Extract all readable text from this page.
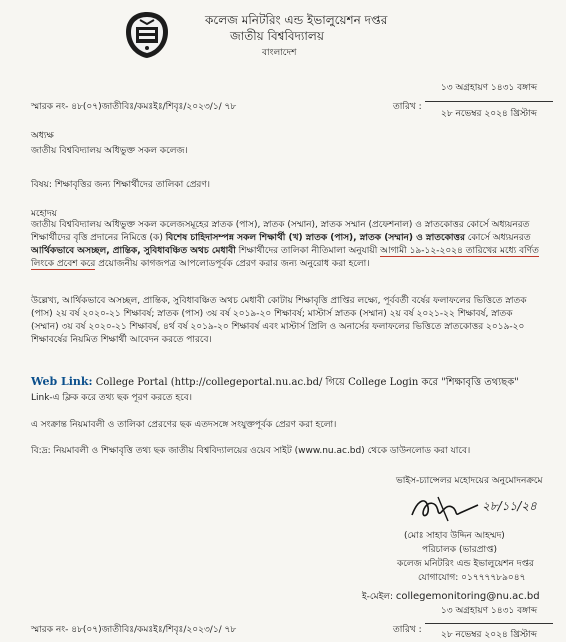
কলেজ মনিটরিং এন্ড ইভালুয়েশন দপ্তর
জাতীয় বিশ্ববিদ্যালয়
বাংলাদেশ
স্মারক নং- ৪৮(০৭)জাতীবিঃ/কমঃইঃ/শিবৃঃ/২০২৩/১/ ৭৮	তারিখ :
১৩ অগ্রহায়ণ ১৪৩১ বঙ্গাব্দ
২৮ নভেম্বর ২০২৪ খ্রিস্টাব্দ
অধ্যক্ষ
জাতীয় বিশ্ববিদ্যালয় অধিভুক্ত সকল কলেজ।
বিষয়: শিক্ষাবৃত্তির জন্য শিক্ষার্থীদের তালিকা প্রেরণ।
মহোদয়
জাতীয় বিশ্ববিদ্যালয় অধিভুক্ত সকল কলেজসমূহের স্নাতক (পাস), স্নাতক (সম্মান), স্নাতক সম্মান (প্রফেশনাল) ও স্নাতকোত্তর কোর্সে অধ্যয়নরত শিক্ষার্থীদের বৃত্তি প্রদানের নিমিত্তে (ক) বিশেষ চাহিদাসম্পন্ন সকল শিক্ষার্থী (খ) স্নাতক (পাস), স্নাতক (সম্মান) ও স্নাতকোত্তর কোর্সে অধ্যয়নরত আর্থিকভাবে অসচ্ছল, প্রান্তিক, সুবিধাবঞ্চিত অথচ মেধাবী শিক্ষার্থীদের তালিকা নীতিমালা অনুযায়ী আগামী ১৯-১২-২০২৪ তারিখের মধ্যে বর্ণিত লিংকে প্রবেশ করে প্রয়োজনীয় কাগজপত্র আপলোডপূর্বক প্রেরণ করার জন্য অনুরোধ করা হলো।
উল্লেখ্য, আর্থিকভাবে অসচ্ছল, প্রান্তিক, সুবিধাবঞ্চিত অথচ মেধাবী কোটায় শিক্ষাবৃত্তি প্রাপ্তির লক্ষ্যে, পূর্ববর্তী বর্ষের ফলাফলের ভিত্তিতে স্নাতক (পাস) ২য় বর্ষ ২০২০-২১ শিক্ষাবর্ষ; স্নাতক (পাস) ৩য় বর্ষ ২০১৯-২০ শিক্ষাবর্ষ; মাস্টার্স স্নাতক (সম্মান) ২য় বর্ষ ২০২১-২২ শিক্ষাবর্ষ, স্নাতক (সম্মান) ৩য় বর্ষ ২০২০-২১ শিক্ষাবর্ষ, ৪র্থ বর্ষ ২০১৯-২০ শিক্ষাবর্ষ এবং মাস্টার্স প্রিলি ও অনার্সের ফলাফলের ভিত্তিতে স্নাতকোত্তর ২০১৯-২০ শিক্ষাবর্ষের নিয়মিত শিক্ষার্থী আবেদন করতে পারবে।
Web Link: College Portal (http://collegeportal.nu.ac.bd/ গিয়ে College Login করে "শিক্ষাবৃত্তি তথ্যছক"
Link-এ ক্লিক করে তথ্য ছক পূরণ করতে হবে।
এ সংক্রান্ত নিয়মাবলী ও তালিকা প্রেরণের ছক এতদসঙ্গে সংযুক্তপূর্বক প্রেরণ করা হলো।
বি:দ্র: নিয়মাবলী ও শিক্ষাবৃত্তি তথ্য ছক জাতীয় বিশ্ববিদ্যালয়ের ওয়েব সাইট (www.nu.ac.bd) থেকে ডাউনলোড করা যাবে।
ভাইস-চ্যান্সেলর মহোদয়ের অনুমোদনক্রমে
২৮/১১/২৪
(মোঃ সাহাব উদ্দিন আহম্মদ)
পরিচালক (ভারপ্রাপ্ত)
কলেজ মনিটরিং এন্ড ইভালুয়েশন দপ্তর
যোগাযোগ: ০১৭৭৭৭৮৯০৪৭
ই-মেইল: collegemonitoring@nu.ac.bd
স্মারক নং- ৪৮(০৭)জাতীবিঃ/কমঃইঃ/শিবৃঃ/২০২৩/১/ ৭৮	তারিখ :
১৩ অগ্রহায়ণ ১৪৩১ বঙ্গাব্দ
২৮ নভেম্বর ২০২৪ খ্রিস্টাব্দ
